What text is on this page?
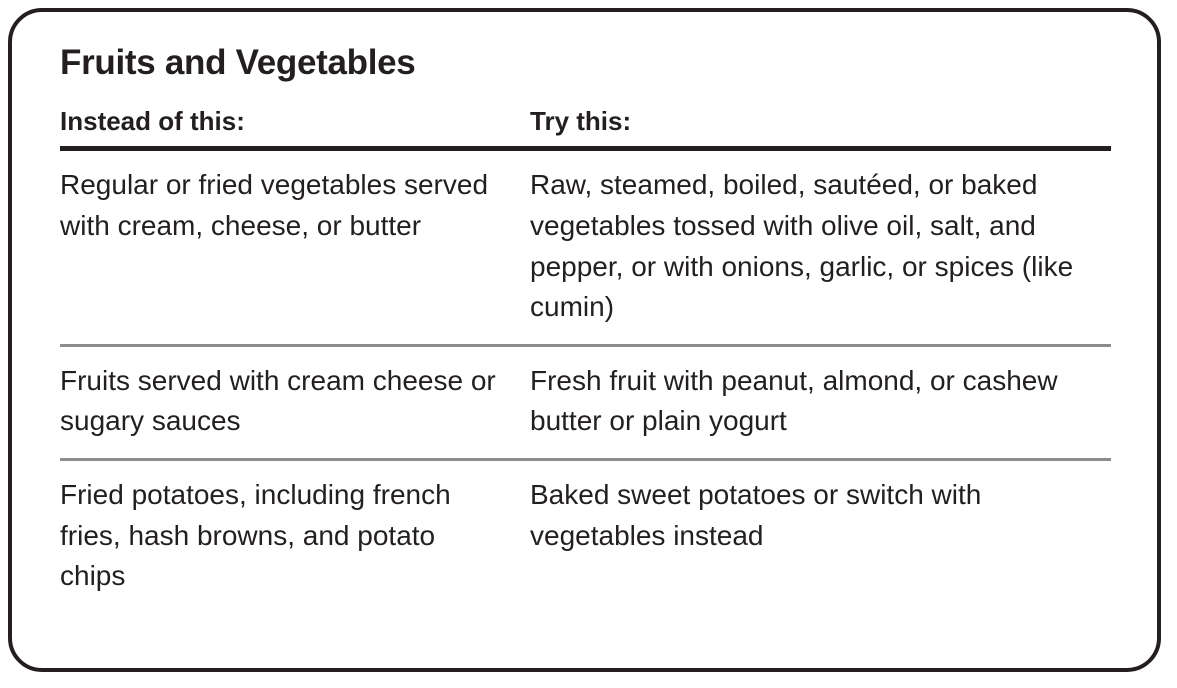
Fruits and Vegetables
Instead of this:	Try this:
Regular or fried vegetables served with cream, cheese, or butter	Raw, steamed, boiled, sautéed, or baked vegetables tossed with olive oil, salt, and pepper, or with onions, garlic, or spices (like cumin)
Fruits served with cream cheese or sugary sauces	Fresh fruit with peanut, almond, or cashew butter or plain yogurt
Fried potatoes, including french fries, hash browns, and potato chips	Baked sweet potatoes or switch with vegetables instead
